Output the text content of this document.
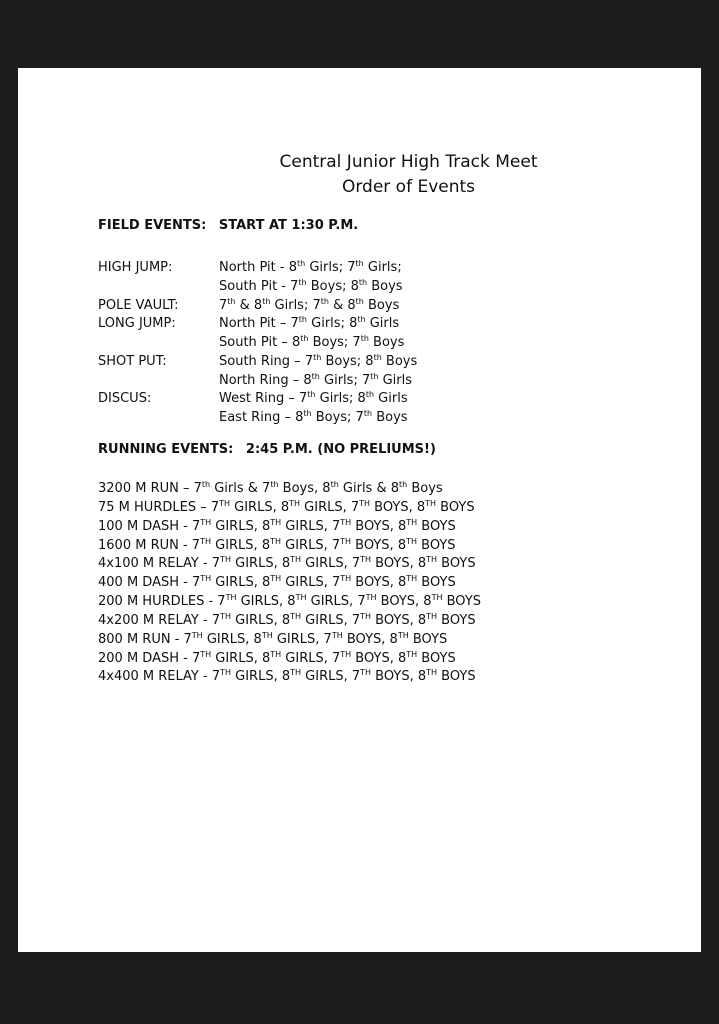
Central Junior High Track Meet
Order of Events
FIELD EVENTS: START AT 1:30 P.M.
HIGH JUMP:	North Pit - 8th Girls; 7th Girls;
South Pit - 7th Boys; 8th Boys
POLE VAULT:	7th & 8th Girls; 7th & 8th Boys
LONG JUMP:	North Pit – 7th Girls; 8th Girls
South Pit – 8th Boys; 7th Boys
SHOT PUT:	South Ring – 7th Boys; 8th Boys
North Ring – 8th Girls; 7th Girls
DISCUS:	West Ring – 7th Girls; 8th Girls
East Ring – 8th Boys; 7th Boys
RUNNING EVENTS: 2:45 P.M. (NO PRELIUMS!)
3200 M RUN – 7th Girls & 7th Boys, 8th Girls & 8th Boys
75 M HURDLES – 7TH GIRLS, 8TH GIRLS, 7TH BOYS, 8TH BOYS
100 M DASH - 7TH GIRLS, 8TH GIRLS, 7TH BOYS, 8TH BOYS
1600 M RUN - 7TH GIRLS, 8TH GIRLS, 7TH BOYS, 8TH BOYS
4x100 M RELAY - 7TH GIRLS, 8TH GIRLS, 7TH BOYS, 8TH BOYS
400 M DASH - 7TH GIRLS, 8TH GIRLS, 7TH BOYS, 8TH BOYS
200 M HURDLES - 7TH GIRLS, 8TH GIRLS, 7TH BOYS, 8TH BOYS
4x200 M RELAY - 7TH GIRLS, 8TH GIRLS, 7TH BOYS, 8TH BOYS
800 M RUN - 7TH GIRLS, 8TH GIRLS, 7TH BOYS, 8TH BOYS
200 M DASH - 7TH GIRLS, 8TH GIRLS, 7TH BOYS, 8TH BOYS
4x400 M RELAY - 7TH GIRLS, 8TH GIRLS, 7TH BOYS, 8TH BOYS
